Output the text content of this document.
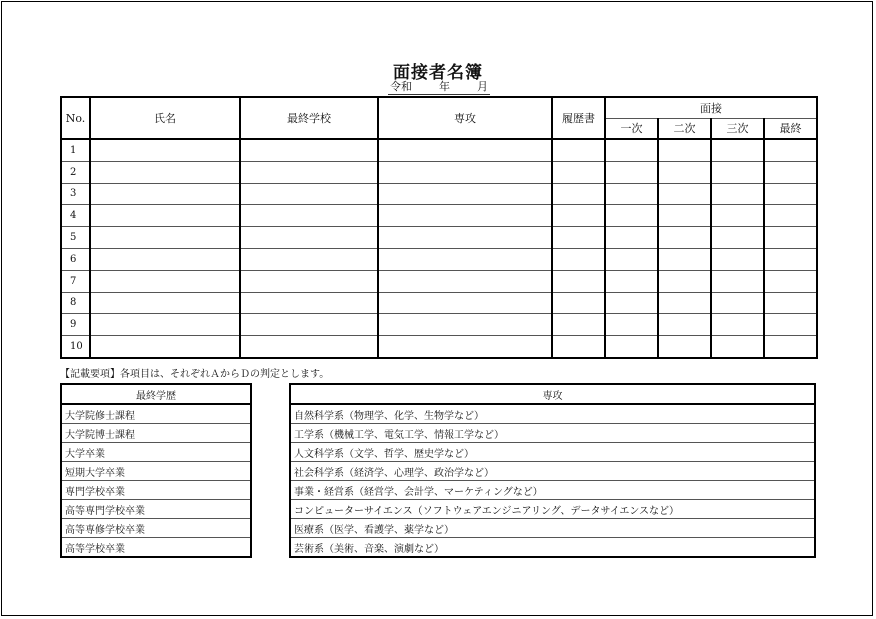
面接者名簿
令和 年 月
No.	氏名	最終学校	専攻	履歴書	面接			
					一次	二次	三次	最終
1								
2								
3								
4								
5								
6								
7								
8								
9								
10								
【記載要項】各項目は、それぞれＡからＤの判定とします。
最終学歴
大学院修士課程
大学院博士課程
大学卒業
短期大学卒業
専門学校卒業
高等専門学校卒業
高等専修学校卒業
高等学校卒業
専攻
自然科学系（物理学、化学、生物学など）
工学系（機械工学、電気工学、情報工学など）
人文科学系（文学、哲学、歴史学など）
社会科学系（経済学、心理学、政治学など）
事業・経営系（経営学、会計学、マーケティングなど）
コンピューターサイエンス（ソフトウェアエンジニアリング、データサイエンスなど）
医療系（医学、看護学、薬学など）
芸術系（美術、音楽、演劇など）
